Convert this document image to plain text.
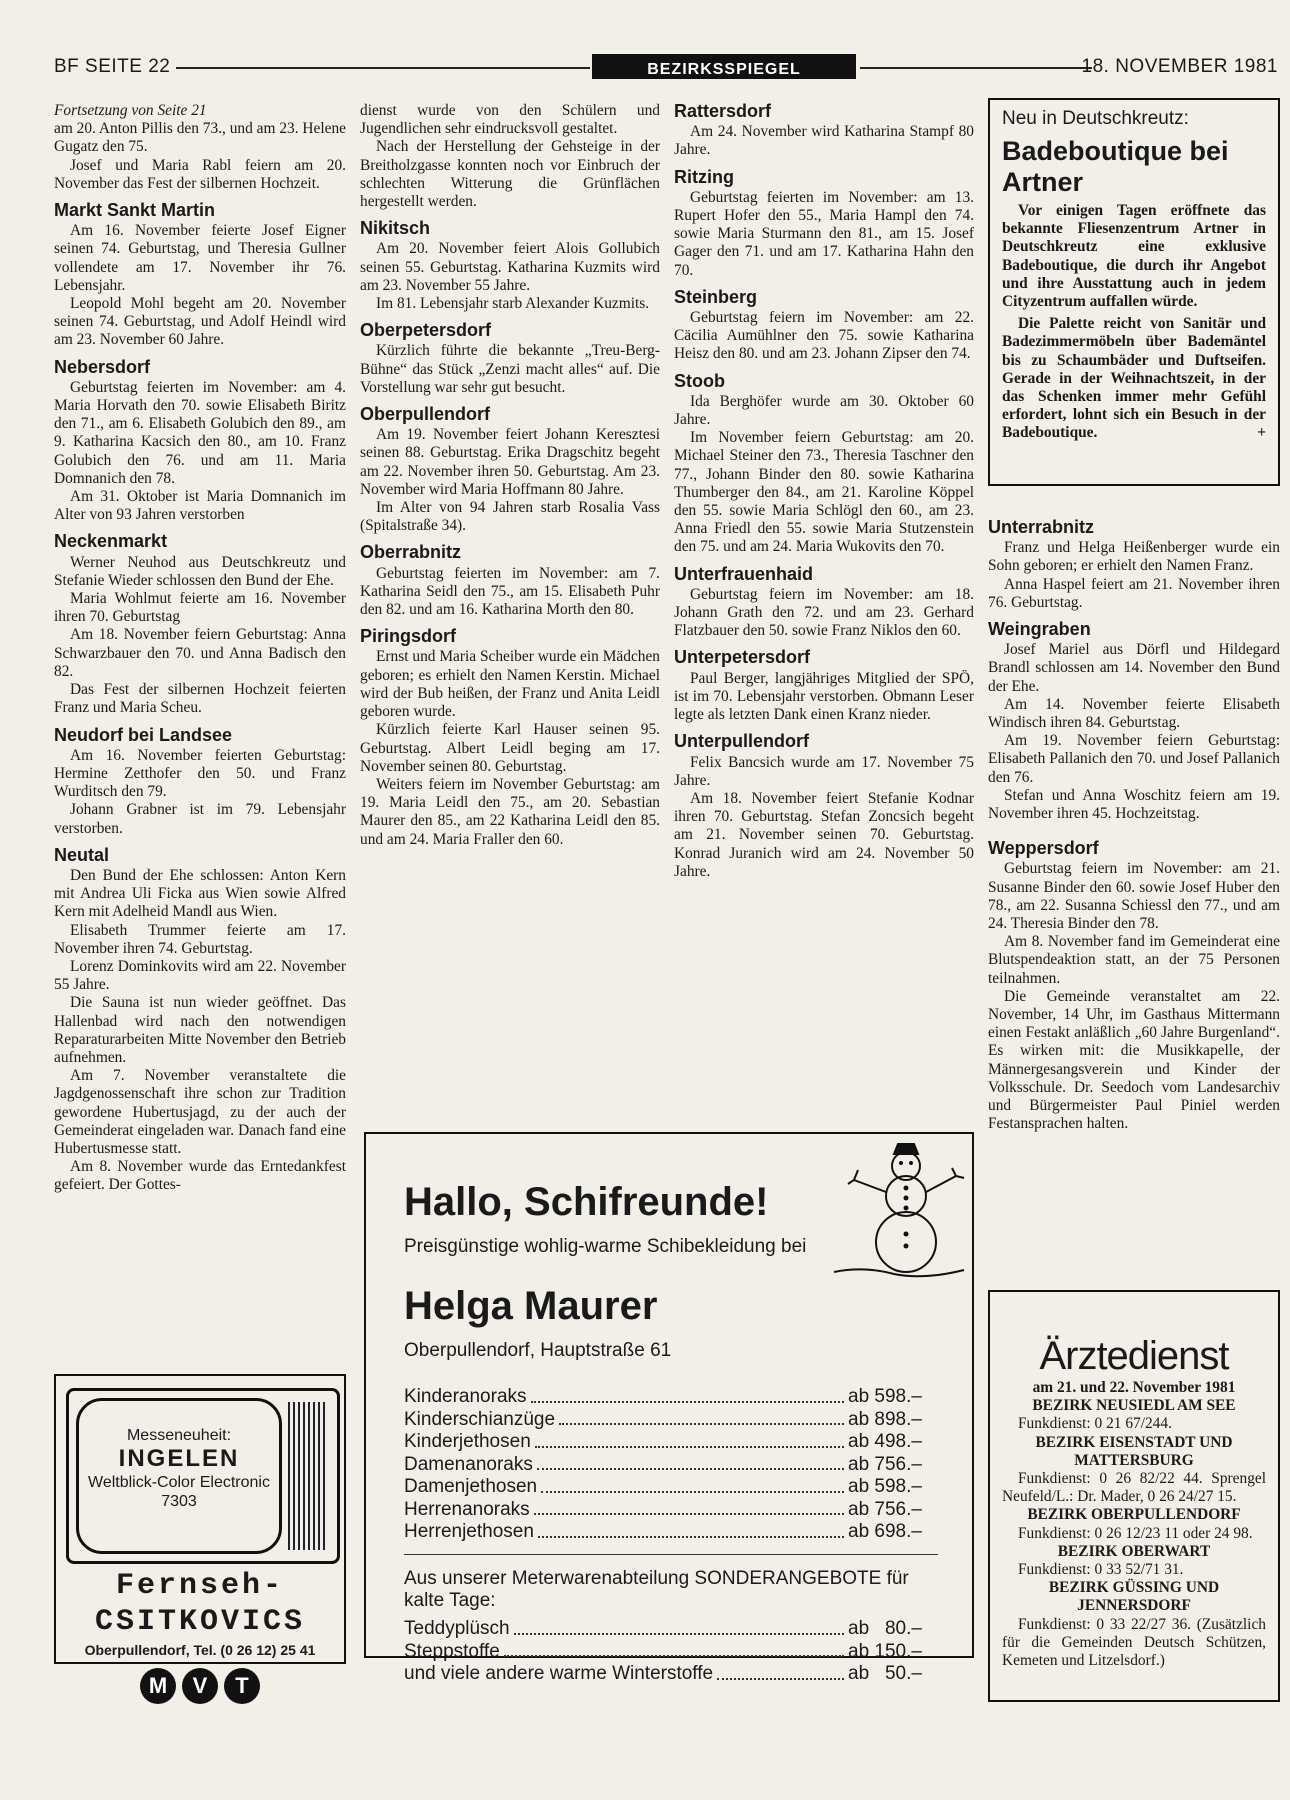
BF SEITE 22	BEZIRKSSPIEGEL	18. NOVEMBER 1981

Fortsetzung von Seite 21

am 20. Anton Pillis den 73., und am 23. Helene Gugatz den 75.

Josef und Maria Rabl feiern am 20. November das Fest der silbernen Hochzeit.

Markt Sankt Martin

Am 16. November feierte Josef Eigner seinen 74. Geburtstag, und Theresia Gullner vollendete am 17. November ihr 76. Lebensjahr.

Leopold Mohl begeht am 20. November seinen 74. Geburtstag, und Adolf Heindl wird am 23. November 60 Jahre.

Nebersdorf

Geburtstag feierten im November: am 4. Maria Horvath den 70. sowie Elisabeth Biritz den 71., am 6. Elisabeth Golubich den 89., am 9. Katharina Kacsich den 80., am 10. Franz Golubich den 76. und am 11. Maria Domnanich den 78.

Am 31. Oktober ist Maria Domnanich im Alter von 93 Jahren verstorben

Neckenmarkt

Werner Neuhod aus Deutschkreutz und Stefanie Wieder schlossen den Bund der Ehe.

Maria Wohlmut feierte am 16. November ihren 70. Geburtstag

Am 18. November feiern Geburtstag: Anna Schwarzbauer den 70. und Anna Badisch den 82.

Das Fest der silbernen Hochzeit feierten Franz und Maria Scheu.

Neudorf bei Landsee

Am 16. November feierten Geburtstag: Hermine Zetthofer den 50. und Franz Wurditsch den 79.

Johann Grabner ist im 79. Lebensjahr verstorben.

Neutal

Den Bund der Ehe schlossen: Anton Kern mit Andrea Uli Ficka aus Wien sowie Alfred Kern mit Adelheid Mandl aus Wien.

Elisabeth Trummer feierte am 17. November ihren 74. Geburtstag.

Lorenz Dominkovits wird am 22. November 55 Jahre.

Die Sauna ist nun wieder geöffnet. Das Hallenbad wird nach den notwendigen Reparaturarbeiten Mitte November den Betrieb aufnehmen.

Am 7. November veranstaltete die Jagdgenossenschaft ihre schon zur Tradition gewordene Hubertusjagd, zu der auch der Gemeinderat eingeladen war. Danach fand eine Hubertusmesse statt.

Am 8. November wurde das Erntedankfest gefeiert. Der Gottes-

dienst wurde von den Schülern und Jugendlichen sehr eindrucksvoll gestaltet.

Nach der Herstellung der Gehsteige in der Breitholzgasse konnten noch vor Einbruch der schlechten Witterung die Grünflächen hergestellt werden.

Nikitsch

Am 20. November feiert Alois Gollubich seinen 55. Geburtstag. Katharina Kuzmits wird am 23. November 55 Jahre.

Im 81. Lebensjahr starb Alexander Kuzmits.

Oberpetersdorf

Kürzlich führte die bekannte „Treu-Berg-Bühne“ das Stück „Zenzi macht alles“ auf. Die Vorstellung war sehr gut besucht.

Oberpullendorf

Am 19. November feiert Johann Keresztesi seinen 88. Geburtstag. Erika Dragschitz begeht am 22. November ihren 50. Geburtstag. Am 23. November wird Maria Hoffmann 80 Jahre.

Im Alter von 94 Jahren starb Rosalia Vass (Spitalstraße 34).

Oberrabnitz

Geburtstag feierten im November: am 7. Katharina Seidl den 75., am 15. Elisabeth Puhr den 82. und am 16. Katharina Morth den 80.

Piringsdorf

Ernst und Maria Scheiber wurde ein Mädchen geboren; es erhielt den Namen Kerstin. Michael wird der Bub heißen, der Franz und Anita Leidl geboren wurde.

Kürzlich feierte Karl Hauser seinen 95. Geburtstag. Albert Leidl beging am 17. November seinen 80. Geburtstag.

Weiters feiern im November Geburtstag: am 19. Maria Leidl den 75., am 20. Sebastian Maurer den 85., am 22 Katharina Leidl den 85. und am 24. Maria Fraller den 60.

Rattersdorf

Am 24. November wird Katharina Stampf 80 Jahre.

Ritzing

Geburtstag feierten im November: am 13. Rupert Hofer den 55., Maria Hampl den 74. sowie Maria Sturmann den 81., am 15. Josef Gager den 71. und am 17. Katharina Hahn den 70.

Steinberg

Geburtstag feiern im November: am 22. Cäcilia Aumühlner den 75. sowie Katharina Heisz den 80. und am 23. Johann Zipser den 74.

Stoob

Ida Berghöfer wurde am 30. Oktober 60 Jahre.

Im November feiern Geburtstag: am 20. Michael Steiner den 73., Theresia Taschner den 77., Johann Binder den 80. sowie Katharina Thumberger den 84., am 21. Karoline Köppel den 55. sowie Maria Schlögl den 60., am 23. Anna Friedl den 55. sowie Maria Stutzenstein den 75. und am 24. Maria Wukovits den 70.

Unterfrauenhaid

Geburtstag feiern im November: am 18. Johann Grath den 72. und am 23. Gerhard Flatzbauer den 50. sowie Franz Niklos den 60.

Unterpetersdorf

Paul Berger, langjähriges Mitglied der SPÖ, ist im 70. Lebensjahr verstorben. Obmann Leser legte als letzten Dank einen Kranz nieder.

Unterpullendorf

Felix Bancsich wurde am 17. November 75 Jahre.

Am 18. November feiert Stefanie Kodnar ihren 70. Geburtstag. Stefan Zoncsich begeht am 21. November seinen 70. Geburtstag. Konrad Juranich wird am 24. November 50 Jahre.

Neu in Deutschkreutz:
Badeboutique bei Artner

Vor einigen Tagen eröffnete das bekannte Fliesenzentrum Artner in Deutschkreutz eine exklusive Badeboutique, die durch ihr Angebot und ihre Ausstattung auch in jedem Cityzentrum auffallen würde.

Die Palette reicht von Sanitär und Badezimmermöbeln über Bademäntel bis zu Schaumbäder und Duftseifen. Gerade in der Weihnachtszeit, in der das Schenken immer mehr Gefühl erfordert, lohnt sich ein Besuch in der Badeboutique.	+

Unterrabnitz

Franz und Helga Heißenberger wurde ein Sohn geboren; er erhielt den Namen Franz.

Anna Haspel feiert am 21. November ihren 76. Geburtstag.

Weingraben

Josef Mariel aus Dörfl und Hildegard Brandl schlossen am 14. November den Bund der Ehe.

Am 14. November feierte Elisabeth Windisch ihren 84. Geburtstag.

Am 19. November feiern Geburtstag: Elisabeth Pallanich den 70. und Josef Pallanich den 76.

Stefan und Anna Woschitz feiern am 19. November ihren 45. Hochzeitstag.

Weppersdorf

Geburtstag feiern im November: am 21. Susanne Binder den 60. sowie Josef Huber den 78., am 22. Susanna Schiessl den 77., und am 24. Theresia Binder den 78.

Am 8. November fand im Gemeinderat eine Blutspendeaktion statt, an der 75 Personen teilnahmen.

Die Gemeinde veranstaltet am 22. November, 14 Uhr, im Gasthaus Mittermann einen Festakt anläßlich „60 Jahre Burgenland“. Es wirken mit: die Musikkapelle, der Männergesangsverein und Kinder der Volksschule. Dr. Seedoch vom Landesarchiv und Bürgermeister Paul Piniel werden Festansprachen halten.

Hallo, Schifreunde!
Preisgünstige wohlig-warme Schibekleidung bei
Helga Maurer
Oberpullendorf, Hauptstraße 61
Kinderanoraks	ab 598.–
Kinderschianzüge	ab 898.–
Kinderjethosen	ab 498.–
Damenanoraks	ab 756.–
Damenjethosen	ab 598.–
Herrenanoraks	ab 756.–
Herrenjethosen	ab 698.–
Aus unserer Meterwarenabteilung SONDERANGEBOTE für kalte Tage:
Teddyplüsch	ab   80.–
Steppstoffe	ab 150.–
und viele andere warme Winterstoffe	ab   50.–
Messeneuheit:
INGELEN
Weltblick-Color Electronic 7303
Fernseh-
CSITKOVICS
Oberpullendorf, Tel. (0 26 12) 25 41
M	V	T
Ärztedienst

am 21. und 22. November 1981

BEZIRK NEUSIEDL AM SEE

Funkdienst: 0 21 67/244.

BEZIRK EISENSTADT UND MATTERSBURG

Funkdienst: 0 26 82/22 44. Sprengel Neufeld/L.: Dr. Mader, 0 26 24/27 15.

BEZIRK OBERPULLENDORF

Funkdienst: 0 26 12/23 11 oder 24 98.

BEZIRK OBERWART

Funkdienst: 0 33 52/71 31.

BEZIRK GÜSSING UND JENNERSDORF

Funkdienst: 0 33 22/27 36. (Zusätzlich für die Gemeinden Deutsch Schützen, Kemeten und Litzelsdorf.)
